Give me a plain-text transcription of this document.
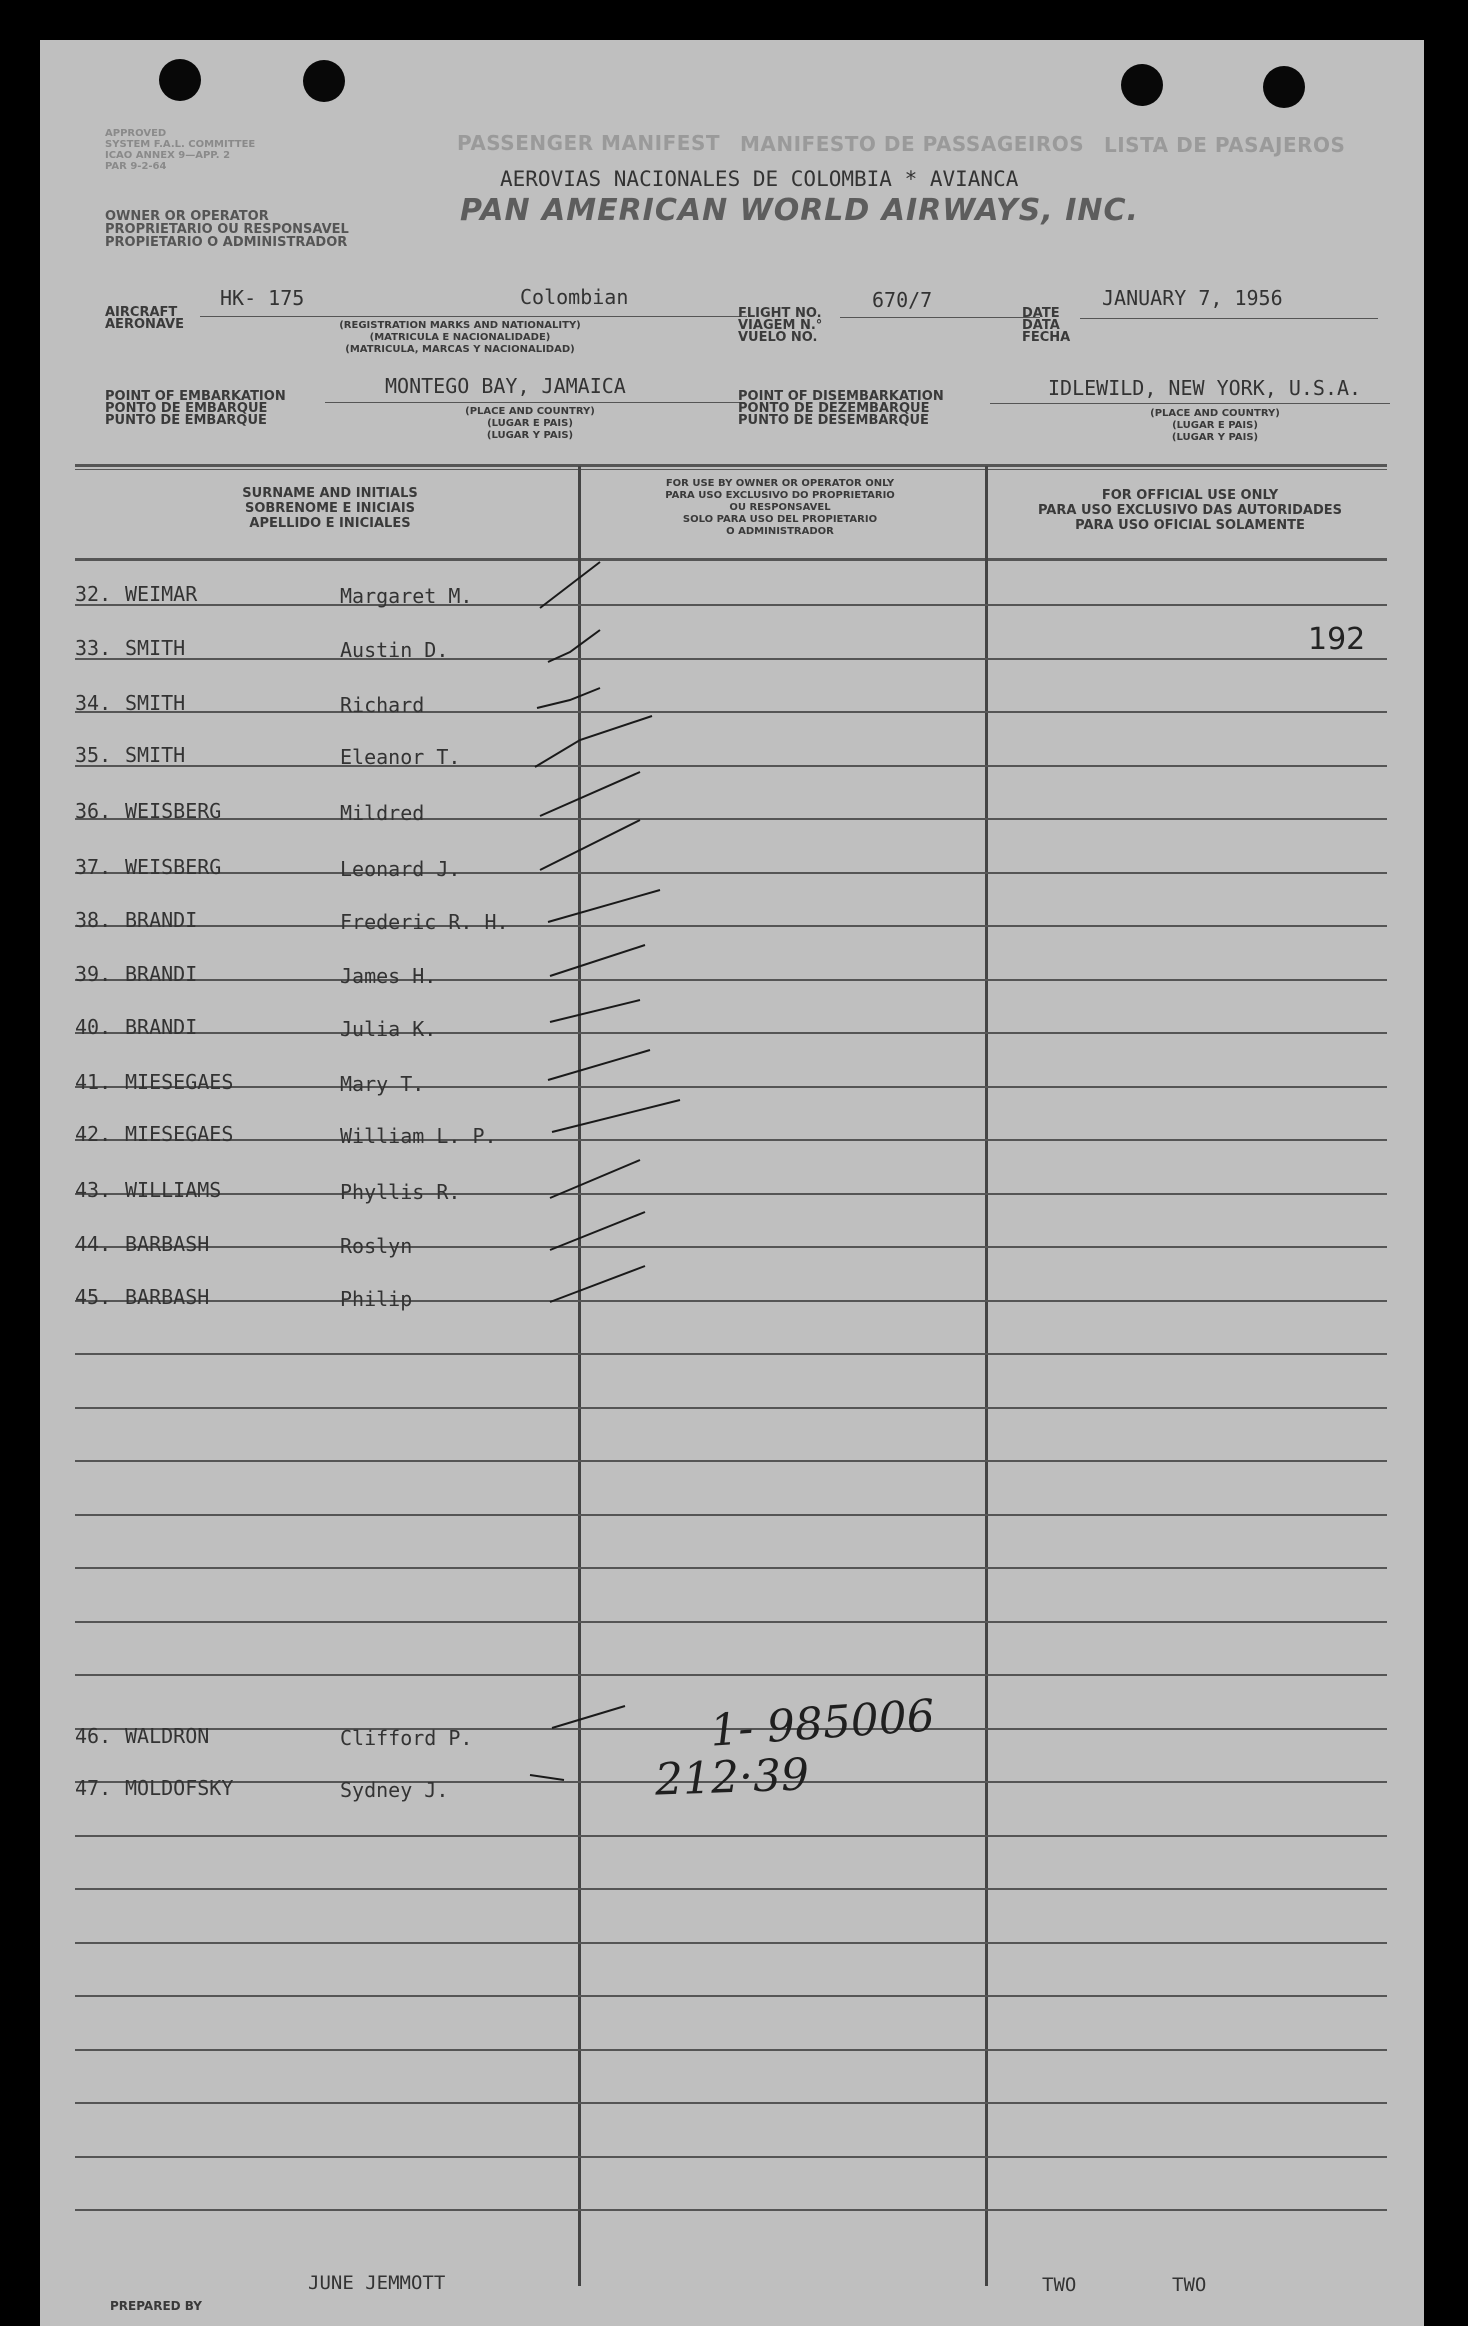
APPROVED
SYSTEM F.A.L. COMMITTEE
ICAO ANNEX 9—APP. 2
PAR 9-2-64
OWNER OR OPERATOR
PROPRIETARIO OU RESPONSAVEL
PROPIETARIO O ADMINISTRADOR
PASSENGER MANIFEST MANIFESTO DE PASSAGEIROS LISTA DE PASAJEROS
AEROVIAS NACIONALES DE COLOMBIA * AVIANCA
PAN AMERICAN WORLD AIRWAYS, INC.
AIRCRAFT
AERONAVE
HK- 175	Colombian
(REGISTRATION MARKS AND NATIONALITY)
(MATRICULA E NACIONALIDADE)
(MATRICULA, MARCAS Y NACIONALIDAD)
FLIGHT NO.
VIAGEM N.°
VUELO NO.
670/7
DATE
DATA
FECHA
JANUARY 7, 1956
POINT OF EMBARKATION
PONTO DE EMBARQUE
PUNTO DE EMBARQUE
MONTEGO BAY, JAMAICA
(PLACE AND COUNTRY)
(LUGAR E PAIS)
(LUGAR Y PAIS)
POINT OF DISEMBARKATION
PONTO DE DEZEMBARQUE
PUNTO DE DESEMBARQUE
IDLEWILD, NEW YORK, U.S.A.
(PLACE AND COUNTRY)
(LUGAR E PAIS)
(LUGAR Y PAIS)
SURNAME AND INITIALS
SOBRENOME E INICIAIS
APELLIDO E INICIALES
FOR USE BY OWNER OR OPERATOR ONLY
PARA USO EXCLUSIVO DO PROPRIETARIO
OU RESPONSAVEL
SOLO PARA USO DEL PROPIETARIO
O ADMINISTRADOR
FOR OFFICIAL USE ONLY
PARA USO EXCLUSIVO DAS AUTORIDADES
PARA USO OFICIAL SOLAMENTE
32. WEIMAR	Margaret M.
33. SMITH	Austin D.
34. SMITH	Richard
35. SMITH	Eleanor T.
36. WEISBERG	Mildred
37. WEISBERG	Leonard J.
38. BRANDI	Frederic R. H.
39. BRANDI	James H.
40. BRANDI	Julia K.
41. MIESEGAES	Mary T.
42. MIESEGAES	William L. P.
43. WILLIAMS	Phyllis R.
44. BARBASH	Roslyn
45. BARBASH	Philip
46. WALDRON	Clifford P.
47. MOLDOFSKY	Sydney J.
192
1- 985006
212·39
PREPARED BY
JUNE JEMMOTT	TWO	TWO
